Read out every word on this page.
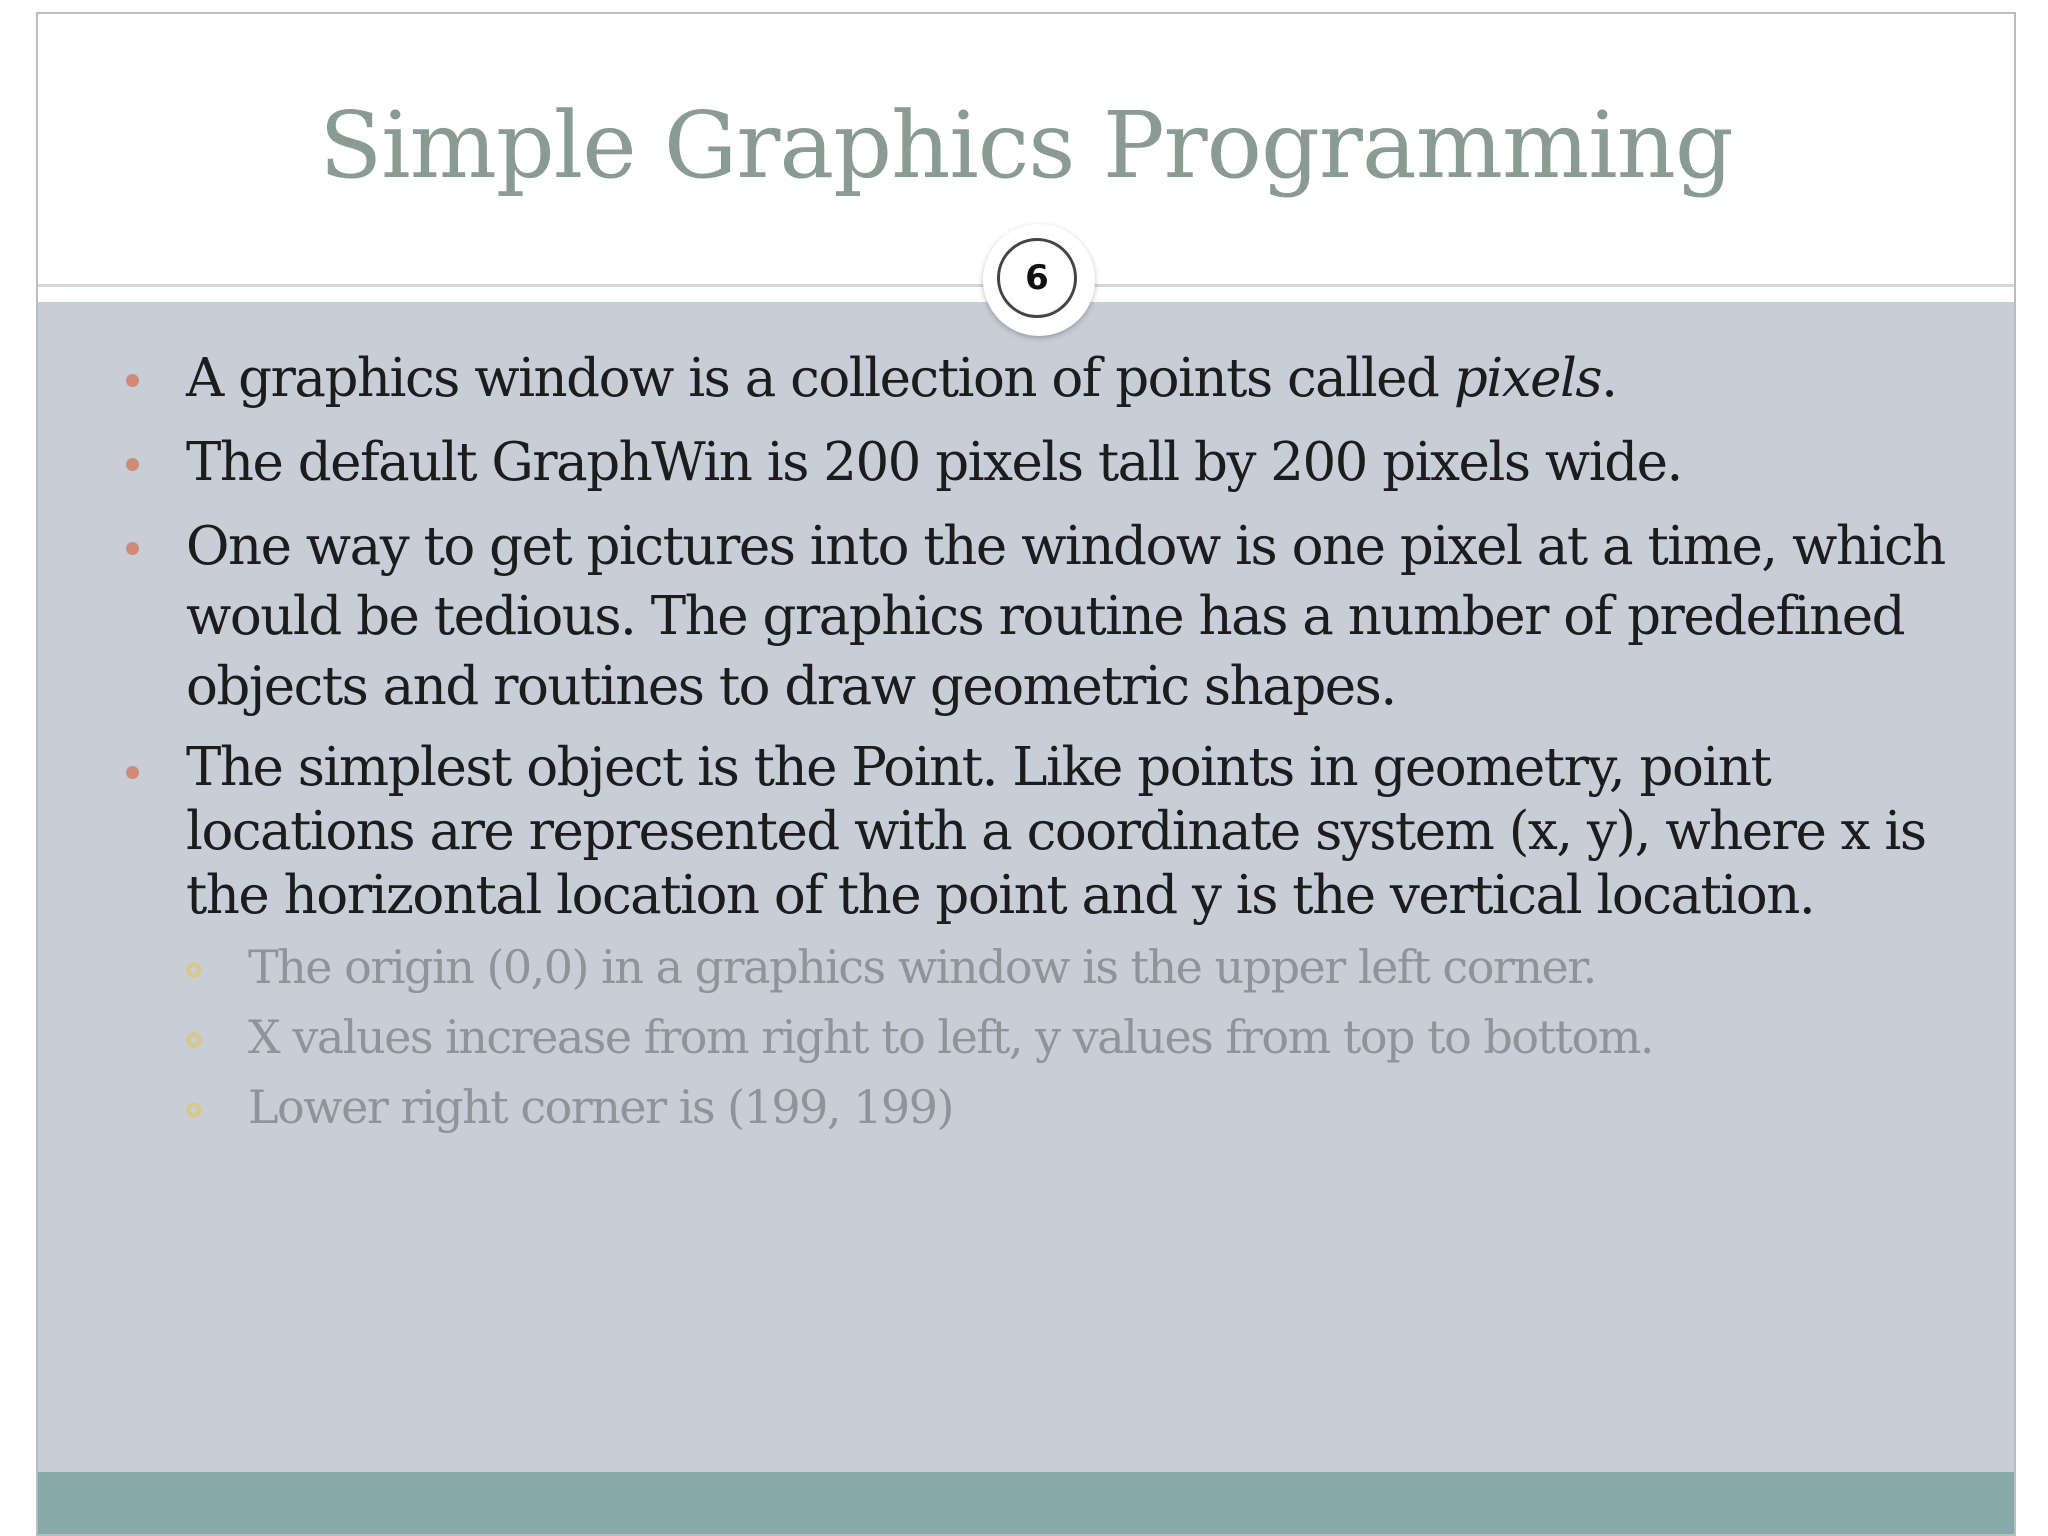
Simple Graphics Programming
6
A graphics window is a collection of points called pixels.
The default GraphWin is 200 pixels tall by 200 pixels wide.
One way to get pictures into the window is one pixel at a time, which would be tedious. The graphics routine has a number of predefined objects and routines to draw geometric shapes.
The simplest object is the Point. Like points in geometry, point locations are represented with a coordinate system (x, y), where x is the horizontal location of the point and y is the vertical location.
The origin (0,0) in a graphics window is the upper left corner.
X values increase from right to left, y values from top to bottom.
Lower right corner is (199, 199)
